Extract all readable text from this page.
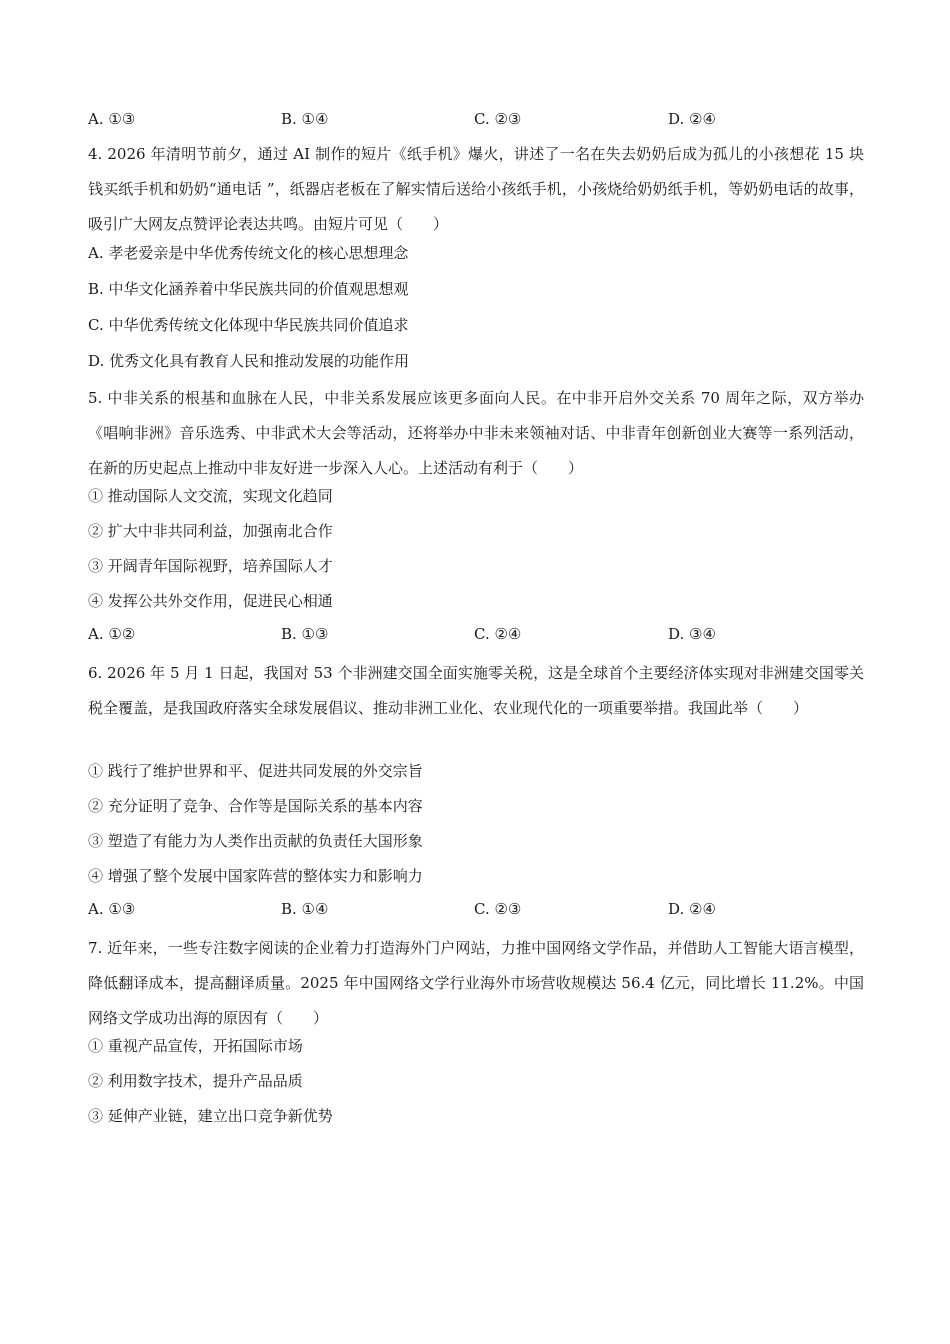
A. ①③	B. ①④	C. ②③	D. ②④
4. 2026 年清明节前夕，通过 AI 制作的短片《纸手机》爆火，讲述了一名在失去奶奶后成为孤儿的小孩想花 15 块钱买纸手机和奶奶“通电话 ”，纸器店老板在了解实情后送给小孩纸手机，小孩烧给奶奶纸手机，等奶奶电话的故事，吸引广大网友点赞评论表达共鸣。由短片可见（　　）
A. 孝老爱亲是中华优秀传统文化的核心思想理念
B. 中华文化涵养着中华民族共同的价值观思想观
C. 中华优秀传统文化体现中华民族共同价值追求
D. 优秀文化具有教育人民和推动发展的功能作用
5. 中非关系的根基和血脉在人民，中非关系发展应该更多面向人民。在中非开启外交关系 70 周年之际，双方举办《唱响非洲》音乐选秀、中非武术大会等活动，还将举办中非未来领袖对话、中非青年创新创业大赛等一系列活动，在新的历史起点上推动中非友好进一步深入人心。上述活动有利于（　　）
① 推动国际人文交流，实现文化趋同
② 扩大中非共同利益，加强南北合作
③ 开阔青年国际视野，培养国际人才
④ 发挥公共外交作用，促进民心相通
A. ①②	B. ①③	C. ②④	D. ③④
6. 2026 年 5 月 1 日起，我国对 53 个非洲建交国全面实施零关税，这是全球首个主要经济体实现对非洲建交国零关税全覆盖，是我国政府落实全球发展倡议、推动非洲工业化、农业现代化的一项重要举措。我国此举（　　）
① 践行了维护世界和平、促进共同发展的外交宗旨
② 充分证明了竞争、合作等是国际关系的基本内容
③ 塑造了有能力为人类作出贡献的负责任大国形象
④ 增强了整个发展中国家阵营的整体实力和影响力
A. ①③	B. ①④	C. ②③	D. ②④
7. 近年来，一些专注数字阅读的企业着力打造海外门户网站，力推中国网络文学作品，并借助人工智能大语言模型，降低翻译成本，提高翻译质量。2025 年中国网络文学行业海外市场营收规模达 56.4 亿元，同比增长 11.2%。中国网络文学成功出海的原因有（　　）
① 重视产品宣传，开拓国际市场
② 利用数字技术，提升产品品质
③ 延伸产业链，建立出口竞争新优势
